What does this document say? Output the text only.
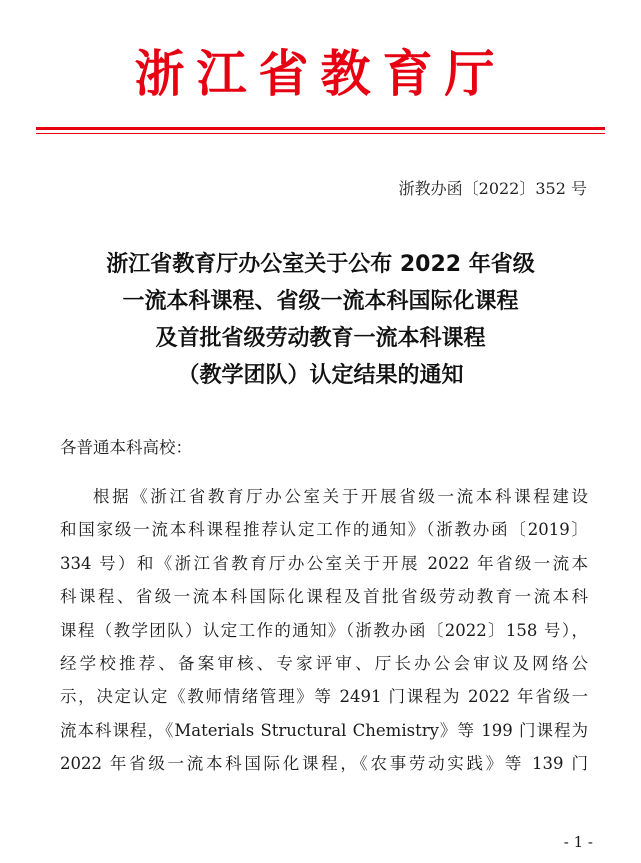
浙江省教育厅
浙教办函〔2022〕352 号
浙江省教育厅办公室关于公布 2022 年省级
一流本科课程、省级一流本科国际化课程
及首批省级劳动教育一流本科课程
（教学团队）认定结果的通知
各普通本科高校：
根据《浙江省教育厅办公室关于开展省级一流本科课程建设
和国家级一流本科课程推荐认定工作的通知》（浙教办函〔2019〕
334 号）和《浙江省教育厅办公室关于开展 2022 年省级一流本
科课程、省级一流本科国际化课程及首批省级劳动教育一流本科
课程（教学团队）认定工作的通知》（浙教办函〔2022〕158 号），
经学校推荐、备案审核、专家评审、厅长办公会审议及网络公
示，决定认定《教师情绪管理》等 2491 门课程为 2022 年省级一
流本科课程，《Materials Structural Chemistry》等 199 门课程为
2022 年省级一流本科国际化课程，《农事劳动实践》等 139 门
- 1 -
